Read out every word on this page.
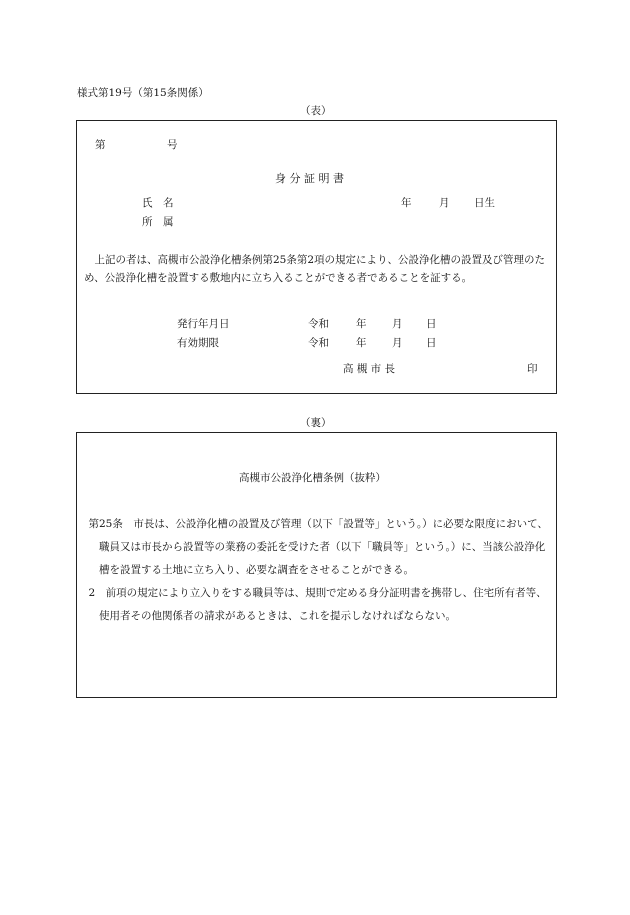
様式第19号（第15条関係）
（表）
第	号
身 分 証 明 書
氏　名	年	月 日生
所　属
上記の者は、高槻市公設浄化槽条例第25条第2項の規定により、公設浄化槽の設置及び管理のため、公設浄化槽を設置する敷地内に立ち入ることができる者であることを証する。
発行年月日	令和	年 月 日
有効期限	令和	年 月 日
高 槻 市 長	印
（裏）
高槻市公設浄化槽条例（抜粋）
第25条　市長は、公設浄化槽の設置及び管理（以下「設置等」という。）に必要な限度において、職員又は市長から設置等の業務の委託を受けた者（以下「職員等」という。）に、当該公設浄化槽を設置する土地に立ち入り、必要な調査をさせることができる。
2　前項の規定により立入りをする職員等は、規則で定める身分証明書を携帯し、住宅所有者等、使用者その他関係者の請求があるときは、これを提示しなければならない。
